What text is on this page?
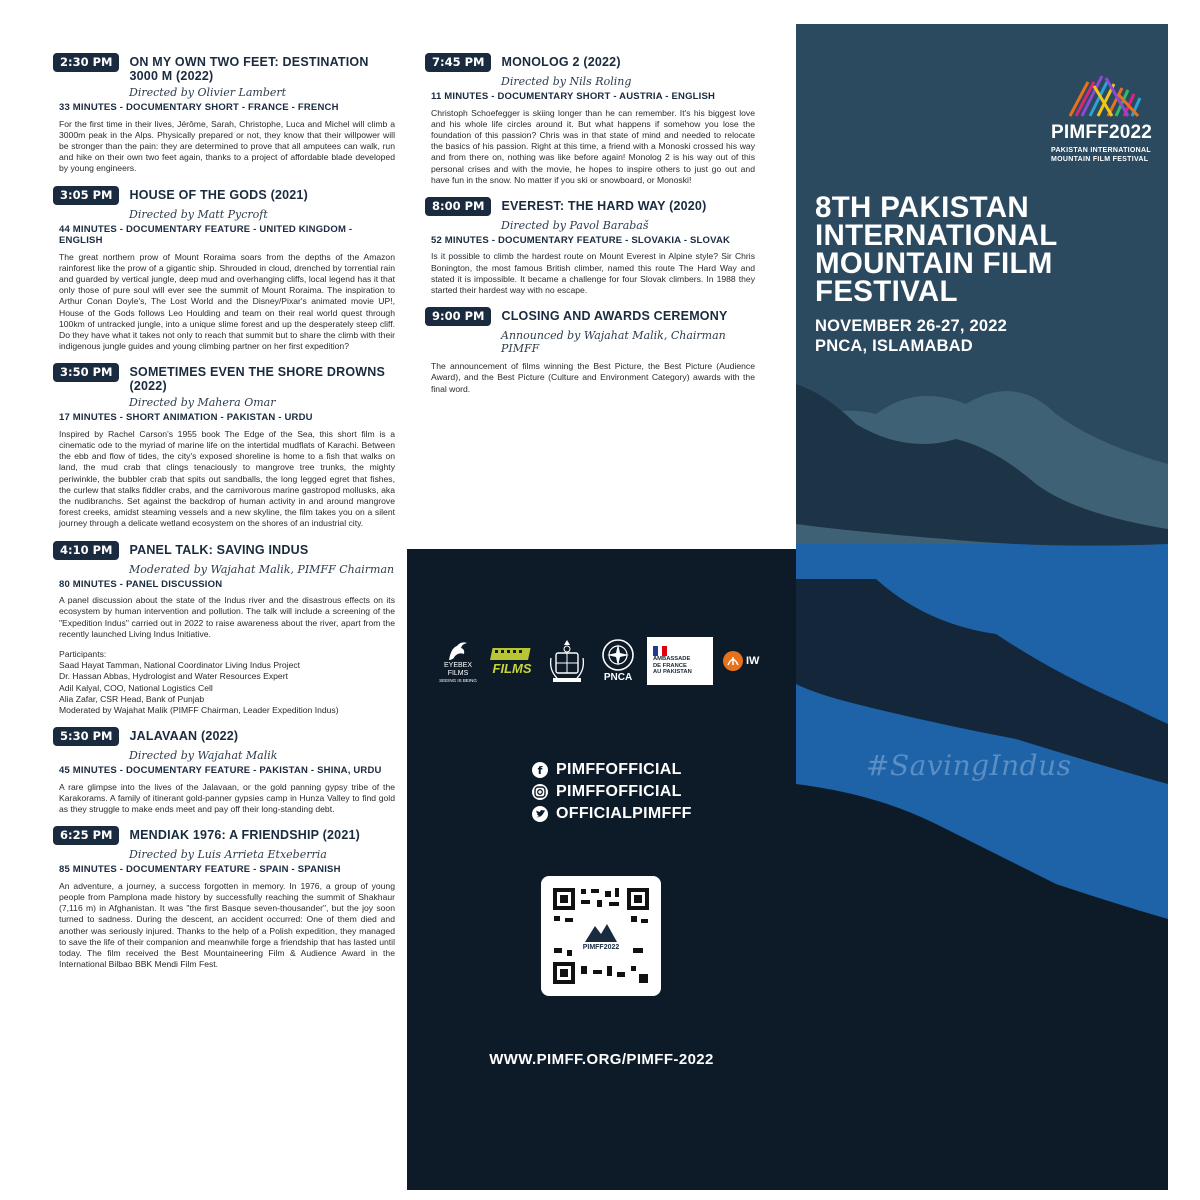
2:30 PM	ON MY OWN TWO FEET: DESTINATION 3000 M (2022)
Directed by Olivier Lambert
33 MINUTES - DOCUMENTARY SHORT - FRANCE - FRENCH
For the first time in their lives, Jérôme, Sarah, Christophe, Luca and Michel will climb a 3000m peak in the Alps. Physically prepared or not, they know that their willpower will be stronger than the pain: they are determined to prove that all amputees can walk, run and hike on their own two feet again, thanks to a project of affordable blade developed by young engineers.
3:05 PM	HOUSE OF THE GODS (2021)
Directed by Matt Pycroft
44 MINUTES - DOCUMENTARY FEATURE - UNITED KINGDOM - ENGLISH
The great northern prow of Mount Roraima soars from the depths of the Amazon rainforest like the prow of a gigantic ship. Shrouded in cloud, drenched by torrential rain and guarded by vertical jungle, deep mud and overhanging cliffs, local legend has it that only those of pure soul will ever see the summit of Mount Roraima. The inspiration to Arthur Conan Doyle's, The Lost World and the Disney/Pixar's animated movie UP!, House of the Gods follows Leo Houlding and team on their real world quest through 100km of untracked jungle, into a unique slime forest and up the desperately steep cliff. Do they have what it takes not only to reach that summit but to share the climb with their indigenous jungle guides and young climbing partner on her first expedition?
3:50 PM	SOMETIMES EVEN THE SHORE DROWNS (2022)
Directed by Mahera Omar
17 MINUTES - SHORT ANIMATION - PAKISTAN - URDU
Inspired by Rachel Carson's 1955 book The Edge of the Sea, this short film is a cinematic ode to the myriad of marine life on the intertidal mudflats of Karachi. Between the ebb and flow of tides, the city's exposed shoreline is home to a fish that walks on land, the mud crab that clings tenaciously to mangrove tree trunks, the mighty periwinkle, the bubbler crab that spits out sandballs, the long legged egret that fishes, the curlew that stalks fiddler crabs, and the carnivorous marine gastropod mollusks, aka the nudibranchs. Set against the backdrop of human activity in and around mangrove forest creeks, amidst steaming vessels and a new skyline, the film takes you on a silent journey through a delicate wetland ecosystem on the shores of an industrial city.
4:10 PM	PANEL TALK: SAVING INDUS
Moderated by Wajahat Malik, PIMFF Chairman
80 MINUTES - PANEL DISCUSSION
A panel discussion about the state of the Indus river and the disastrous effects on its ecosystem by human intervention and pollution. The talk will include a screening of the "Expedition Indus" carried out in 2022 to raise awareness about the river, apart from the recently launched Living Indus Initiative.
Participants:
Saad Hayat Tamman, National Coordinator Living Indus Project
Dr. Hassan Abbas, Hydrologist and Water Resources Expert
Adil Kalyal, COO, National Logistics Cell
Alia Zafar, CSR Head, Bank of Punjab
Moderated by Wajahat Malik (PIMFF Chairman, Leader Expedition Indus)
5:30 PM	JALAVAAN (2022)
Directed by Wajahat Malik
45 MINUTES - DOCUMENTARY FEATURE - PAKISTAN - SHINA, URDU
A rare glimpse into the lives of the Jalavaan, or the gold panning gypsy tribe of the Karakorams. A family of itinerant gold-panner gypsies camp in Hunza Valley to find gold as they struggle to make ends meet and pay off their long-standing debt.
6:25 PM	MENDIAK 1976: A FRIENDSHIP (2021)
Directed by Luis Arrieta Etxeberria
85 MINUTES - DOCUMENTARY FEATURE - SPAIN - SPANISH
An adventure, a journey, a success forgotten in memory. In 1976, a group of young people from Pamplona made history by successfully reaching the summit of Shakhaur (7,116 m) in Afghanistan. It was "the first Basque seven-thousander", but the joy soon turned to sadness. During the descent, an accident occurred: One of them died and another was seriously injured. Thanks to the help of a Polish expedition, they managed to save the life of their companion and meanwhile forge a friendship that has lasted until today. The film received the Best Mountaineering Film & Audience Award in the International Bilbao BBK Mendi Film Fest.
7:45 PM	MONOLOG 2 (2022)
Directed by Nils Roling
11 MINUTES - DOCUMENTARY SHORT - AUSTRIA - ENGLISH
Christoph Schoefegger is skiing longer than he can remember. It's his biggest love and his whole life circles around it. But what happens if somehow you lose the foundation of this passion? Chris was in that state of mind and needed to relocate the basics of his passion. Right at this time, a friend with a Monoski crossed his way and from there on, nothing was like before again! Monolog 2 is his way out of this personal crises and with the movie, he hopes to inspire others to just go out and have fun in the snow. No matter if you ski or snowboard, or Monoski!
8:00 PM	EVEREST: THE HARD WAY (2020)
Directed by Pavol Barabaš
52 MINUTES - DOCUMENTARY FEATURE - SLOVAKIA - SLOVAK
Is it possible to climb the hardest route on Mount Everest in Alpine style? Sir Chris Bonington, the most famous British climber, named this route The Hard Way and stated it is impossible. It became a challenge for four Slovak climbers. In 1988 they started their hardest way with no escape.
9:00 PM	CLOSING AND AWARDS CEREMONY
Announced by Wajahat Malik, Chairman PIMFF
The announcement of films winning the Best Picture, the Best Picture (Audience Award), and the Best Picture (Culture and Environment Category) awards with the final word.
EYEBEX FILMS
SEEING IS BEING
FILMS
PNCA
AMBASSADE
DE FRANCE
AU PAKISTAN
IW
f PIMFFOFFICIAL
PIMFFOFFICIAL
OFFICIALPIMFFF
PIMFF2022
WWW.PIMFF.ORG/PIMFF-2022
PIMFF2022
PAKISTAN INTERNATIONAL
MOUNTAIN FILM FESTIVAL
8TH PAKISTAN INTERNATIONAL MOUNTAIN FILM FESTIVAL
NOVEMBER 26-27, 2022
PNCA, ISLAMABAD
#SavingIndus
